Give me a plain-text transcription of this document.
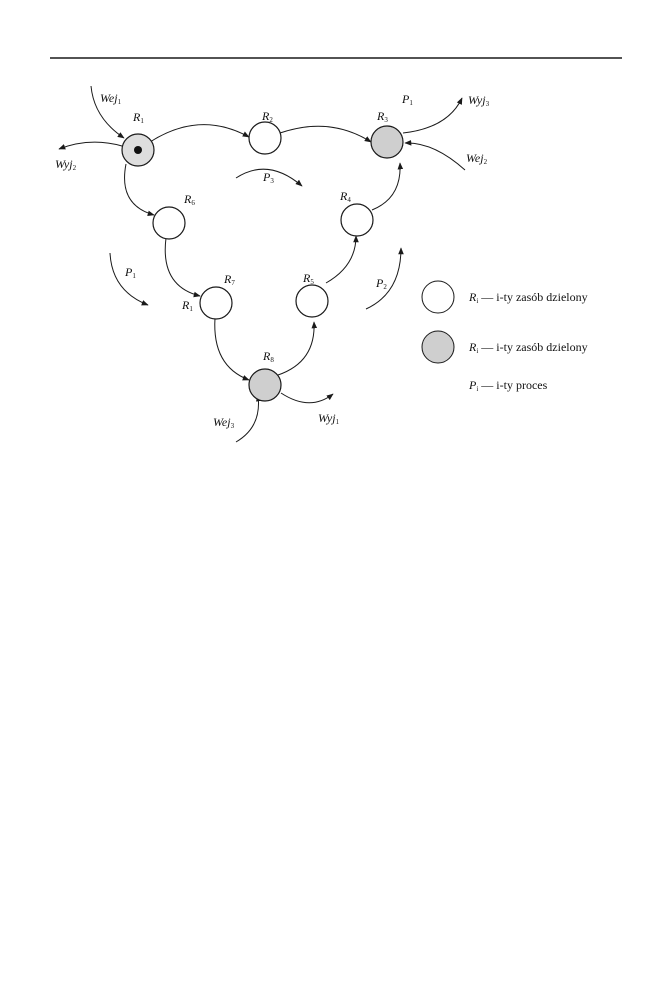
R1	R2	R3
R4
R5
R6
R7
R8
R1
Wej1
Wej2
Wej3
Wyj1
Wyj2
Wyj3
P1
P1	P2
P3
Ri — i-ty zasób dzielony
Ri — i-ty zasób dzielony
Pi — i-ty proces
